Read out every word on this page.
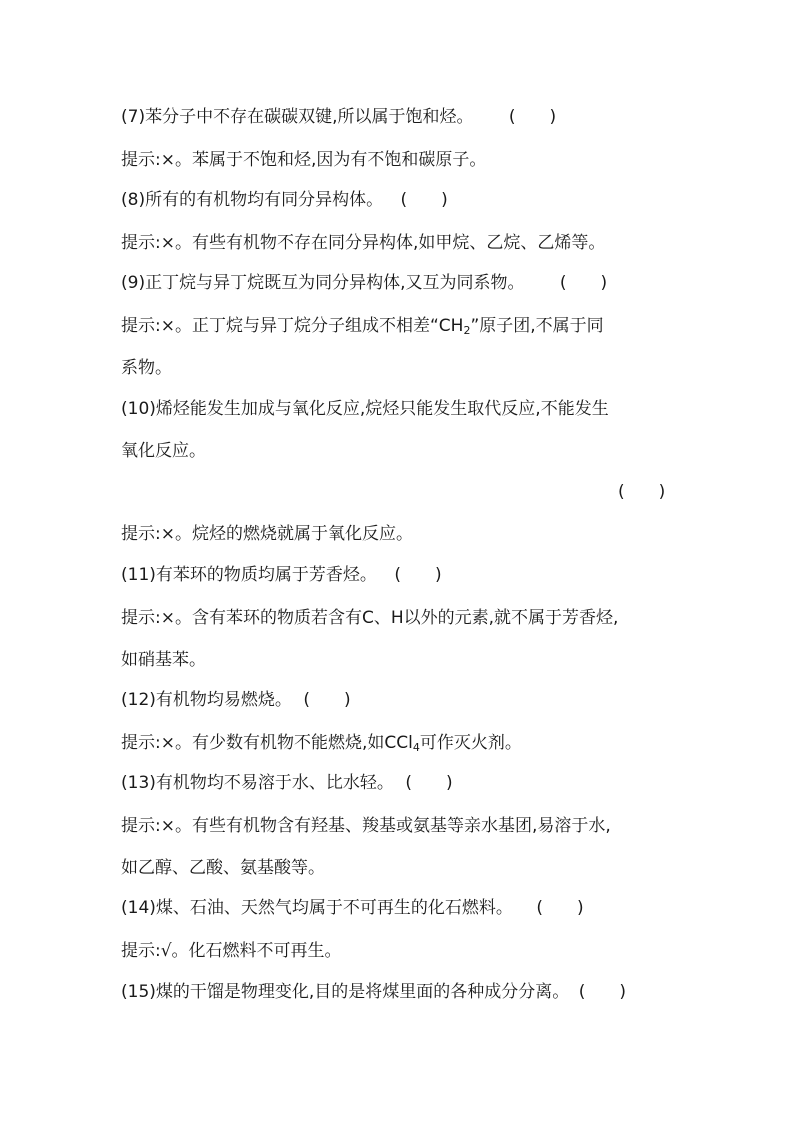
(7)苯分子中不存在碳碳双键,所以属于饱和烃。 (　　)
提示:×。苯属于不饱和烃,因为有不饱和碳原子。
(8)所有的有机物均有同分异构体。 (　　)
提示:×。有些有机物不存在同分异构体,如甲烷、乙烷、乙烯等。
(9)正丁烷与异丁烷既互为同分异构体,又互为同系物。 (　　)
提示:×。正丁烷与异丁烷分子组成不相差“$CH_2$”原子团,不属于同
系物。
(10)烯烃能发生加成与氧化反应,烷烃只能发生取代反应,不能发生
氧化反应。
(　　)
提示:×。烷烃的燃烧就属于氧化反应。
(11)有苯环的物质均属于芳香烃。 (　　)
提示:×。含有苯环的物质若含有C、H以外的元素,就不属于芳香烃,
如硝基苯。
(12)有机物均易燃烧。 (　　)
提示:×。有少数有机物不能燃烧,如CCl$_4$可作灭火剂。
(13)有机物均不易溶于水、比水轻。 (　　)
提示:×。有些有机物含有羟基、羧基或氨基等亲水基团,易溶于水,
如乙醇、乙酸、氨基酸等。
(14)煤、石油、天然气均属于不可再生的化石燃料。 (　　)
提示:√。化石燃料不可再生。
(15)煤的干馏是物理变化,目的是将煤里面的各种成分分离。 (　　)
